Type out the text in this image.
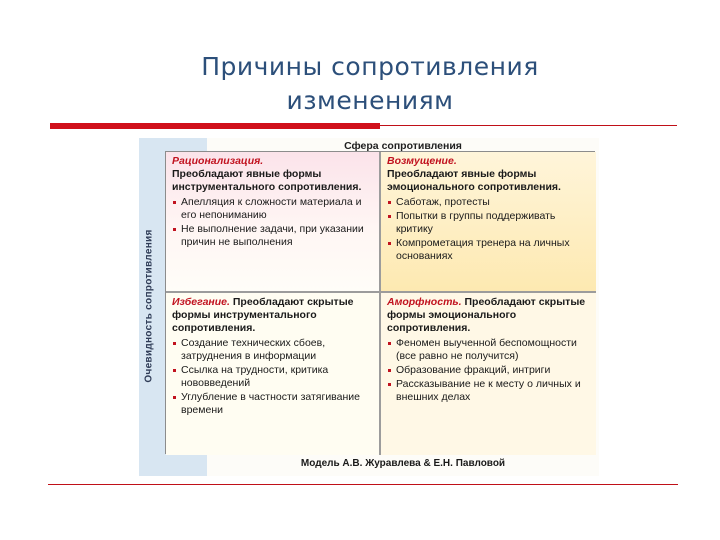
Причины сопротивления
изменениям
Очевидность сопротивления
Сфера сопротивления
Рационализация.
Преобладают явные формы инструментального сопротивления.
Апелляция к сложности материала и его непониманию
Не выполнение задачи, при указании причин не выполнения
Возмущение.
Преобладают явные формы эмоционального сопротивления.
Саботаж, протесты
Попытки в группы поддерживать критику
Компрометация тренера на личных основаниях
Избегание. Преобладают скрытые формы инструментального сопротивления.
Создание технических сбоев, затруднения в информации
Ссылка на трудности, критика нововведений
Углубление в частности затягивание времени
Аморфность. Преобладают скрытые формы эмоционального сопротивления.
Феномен выученной беспомощности (все равно не получится)
Образование фракций, интриги
Рассказывание не к месту о личных и внешних делах
Модель А.В. Журавлева & Е.Н. Павловой
